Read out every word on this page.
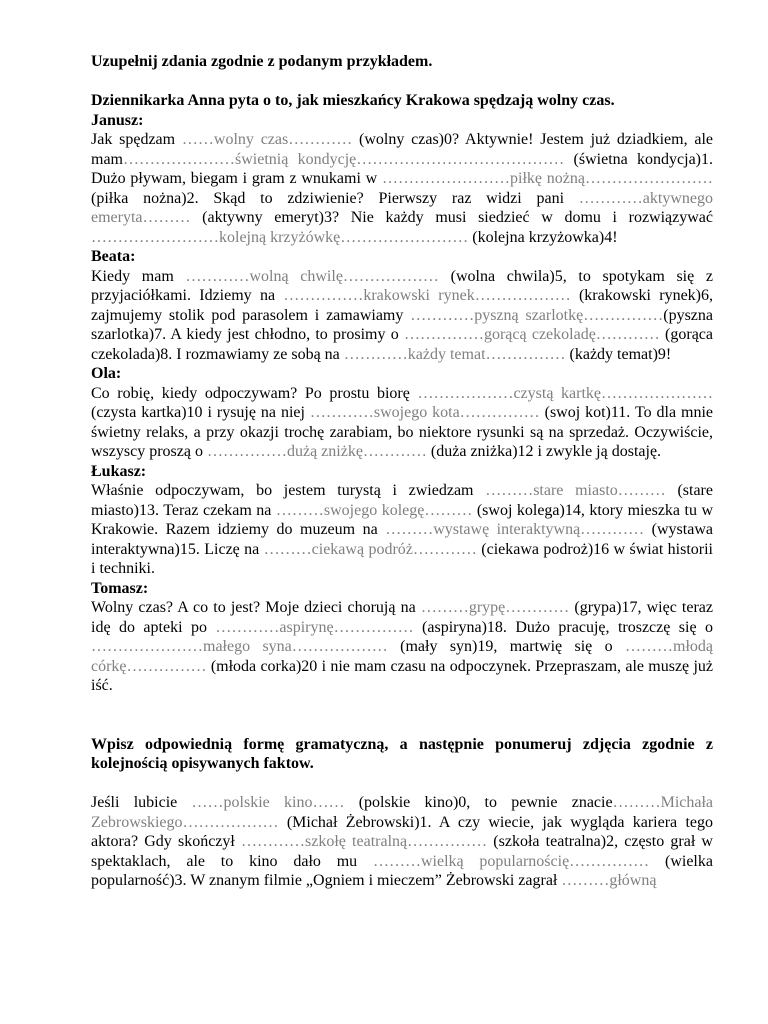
Uzupełnij zdania zgodnie z podanym przykładem.
Dziennikarka Anna pyta o to, jak mieszkańcy Krakowa spędzają wolny czas.
Janusz:
Jak spędzam ……wolny czas………… (wolny czas)0? Aktywnie! Jestem już dziadkiem, ale mam…………………świetnią kondycję………………………………… (świetna kondycja)1. Dużo pływam, biegam i gram z wnukami w ……………………piłkę nożną…………………… (piłka nożna)2. Skąd to zdziwienie? Pierwszy raz widzi pani …………aktywnego emeryta……… (aktywny emeryt)3? Nie każdy musi siedzieć w domu i rozwiązywać ……………………kolejną krzyżówkę…………………… (kolejna krzyżowka)4!
Beata:
Kiedy mam …………wolną chwilę……………… (wolna chwila)5, to spotykam się z przyjaciółkami. Idziemy na ……………krakowski rynek……………… (krakowski rynek)6, zajmujemy stolik pod parasolem i zamawiamy …………pyszną szarlotkę……………(pyszna szarlotka)7. A kiedy jest chłodno, to prosimy o ……………gorącą czekoladę………… (gorąca czekolada)8. I rozmawiamy ze sobą na …………każdy temat…………… (każdy temat)9!
Ola:
Co robię, kiedy odpoczywam? Po prostu biorę ………………czystą kartkę………………… (czysta kartka)10 i rysuję na niej …………swojego kota…………… (swoj kot)11. To dla mnie świetny relaks, a przy okazji trochę zarabiam, bo niektore rysunki są na sprzedaż. Oczywiście, wszyscy proszą o ……………dużą zniżkę………… (duża zniżka)12 i zwykle ją dostaję.
Łukasz:
Właśnie odpoczywam, bo jestem turystą i zwiedzam ………stare miasto……… (stare miasto)13. Teraz czekam na ………swojego kolegę……… (swoj kolega)14, ktory mieszka tu w Krakowie. Razem idziemy do muzeum na ………wystawę interaktywną………… (wystawa interaktywna)15. Liczę na ………ciekawą podróż………… (ciekawa podroż)16 w świat historii i techniki.
Tomasz:
Wolny czas? A co to jest? Moje dzieci chorują na ………grypę………… (grypa)17, więc teraz idę do apteki po …………aspirynę…………… (aspiryna)18. Dużo pracuję, troszczę się o …………………małego syna……………… (mały syn)19, martwię się o ………młodą córkę…………… (młoda corka)20 i nie mam czasu na odpoczynek. Przepraszam, ale muszę już iść.
Wpisz odpowiednią formę gramatyczną, a następnie ponumeruj zdjęcia zgodnie z kolejnością opisywanych faktow.
Jeśli lubicie ……polskie kino…… (polskie kino)0, to pewnie znacie………Michała Zebrowskiego……………… (Michał Żebrowski)1. A czy wiecie, jak wygląda kariera tego aktora? Gdy skończył …………szkołę teatralną…………… (szkoła teatralna)2, często grał w spektaklach, ale to kino dało mu ………wielką popularnościę…………… (wielka popularność)3. W znanym filmie „Ogniem i mieczem” Żebrowski zagrał ………główną
